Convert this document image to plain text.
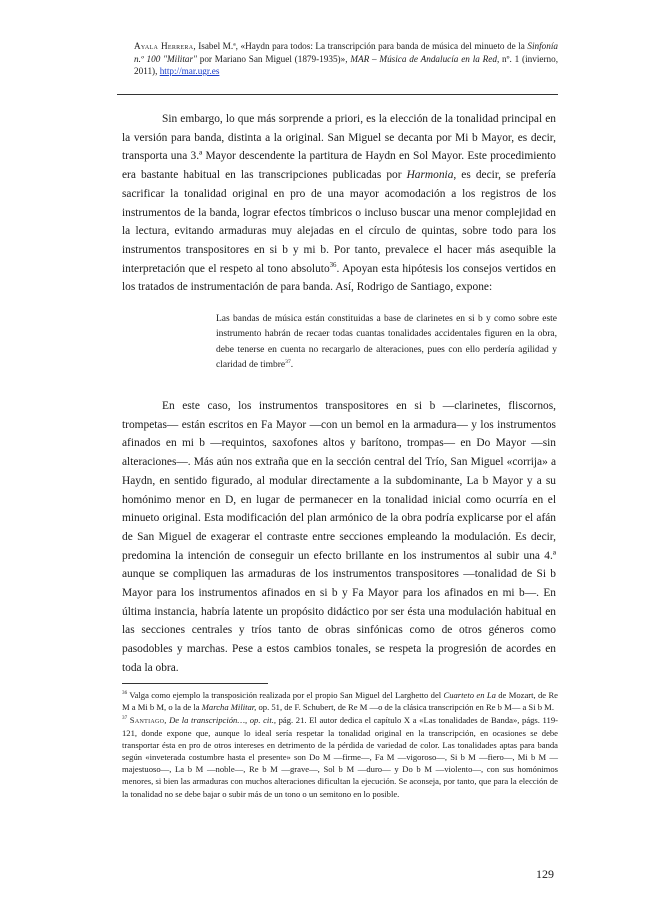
Ayala Herrera, Isabel M.ª, «Haydn para todos: La transcripción para banda de música del minueto de la Sinfonía n.º 100 "Militar" por Mariano San Miguel (1879-1935)», MAR – Música de Andalucía en la Red, nº. 1 (invierno, 2011), http://mar.ugr.es

Sin embargo, lo que más sorprende a priori, es la elección de la tonalidad principal en la versión para banda, distinta a la original. San Miguel se decanta por Mi b Mayor, es decir, transporta una 3.ª Mayor descendente la partitura de Haydn en Sol Mayor. Este procedimiento era bastante habitual en las transcripciones publicadas por Harmonia, es decir, se prefería sacrificar la tonalidad original en pro de una mayor acomodación a los registros de los instrumentos de la banda, lograr efectos tímbricos o incluso buscar una menor complejidad en la lectura, evitando armaduras muy alejadas en el círculo de quintas, sobre todo para los instrumentos transpositores en si b y mi b. Por tanto, prevalece el hacer más asequible la interpretación que el respeto al tono absoluto$^{36}$. Apoyan esta hipótesis los consejos vertidos en los tratados de instrumentación de para banda. Así, Rodrigo de Santiago, expone:

Las bandas de música están constituidas a base de clarinetes en si b y como sobre este instrumento habrán de recaer todas cuantas tonalidades accidentales figuren en la obra, debe tenerse en cuenta no recargarlo de alteraciones, pues con ello perdería agilidad y claridad de timbre$^{37}$.

En este caso, los instrumentos transpositores en si b —clarinetes, fliscornos, trompetas— están escritos en Fa Mayor —con un bemol en la armadura— y los instrumentos afinados en mi b —requintos, saxofones altos y barítono, trompas— en Do Mayor —sin alteraciones—. Más aún nos extraña que en la sección central del Trío, San Miguel «corrija» a Haydn, en sentido figurado, al modular directamente a la subdominante, La b Mayor y a su homónimo menor en D, en lugar de permanecer en la tonalidad inicial como ocurría en el minueto original. Esta modificación del plan armónico de la obra podría explicarse por el afán de San Miguel de exagerar el contraste entre secciones empleando la modulación. Es decir, predomina la intención de conseguir un efecto brillante en los instrumentos al subir una 4.ª aunque se compliquen las armaduras de los instrumentos transpositores —tonalidad de Si b Mayor para los instrumentos afinados en si b y Fa Mayor para los afinados en mi b—. En última instancia, habría latente un propósito didáctico por ser ésta una modulación habitual en las secciones centrales y tríos tanto de obras sinfónicas como de otros géneros como pasodobles y marchas. Pese a estos cambios tonales, se respeta la progresión de acordes en toda la obra.

$^{36}$ Valga como ejemplo la transposición realizada por el propio San Miguel del Larghetto del Cuarteto en La de Mozart, de Re M a Mi b M, o la de la Marcha Militar, op. 51, de F. Schubert, de Re M —o de la clásica transcripción en Re b M— a Si b M.

$^{37}$ Santiago, De la transcripción…, op. cit., pág. 21. El autor dedica el capítulo X a «Las tonalidades de Banda», págs. 119-121, donde expone que, aunque lo ideal sería respetar la tonalidad original en la transcripción, en ocasiones se debe transportar ésta en pro de otros intereses en detrimento de la pérdida de variedad de color. Las tonalidades aptas para banda según «inveterada costumbre hasta el presente» son Do M —firme—, Fa M —vigoroso—, Si b M —fiero—, Mi b M —majestuoso—, La b M —noble—, Re b M —grave—, Sol b M —duro— y Do b M —violento—, con sus homónimos menores, si bien las armaduras con muchos alteraciones dificultan la ejecución. Se aconseja, por tanto, que para la elección de la tonalidad no se debe bajar o subir más de un tono o un semitono en lo posible.

129
